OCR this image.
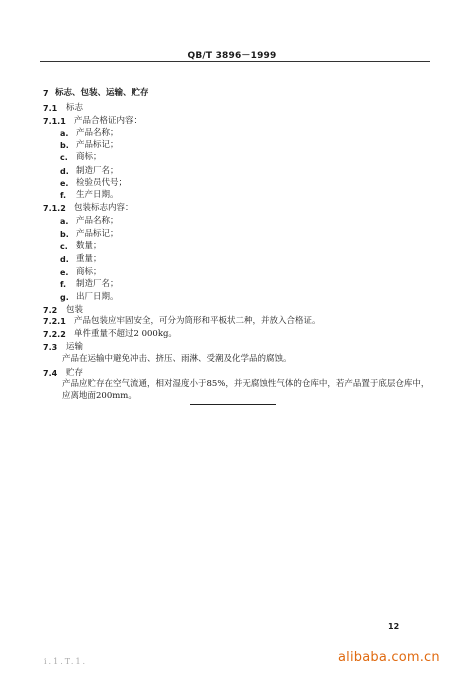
QB/T 3896－1999
7 标志、包装、运输、贮存
7.1 标志
7.1.1 产品合格证内容：
a. 产品名称；
b. 产品标记；
c. 商标；
d. 制造厂名；
e. 检验员代号；
f. 生产日期。
7.1.2 包装标志内容：
a. 产品名称；
b. 产品标记；
c. 数量；
d. 重量；
e. 商标；
f. 制造厂名；
g. 出厂日期。
7.2 包装
7.2.1 产品包装应牢固安全，可分为筒形和平板状二种，并放入合格证。
7.2.2 单件重量不超过2 000kg。
7.3 运输
产品在运输中避免冲击、挤压、雨淋、受潮及化学品的腐蚀。
7.4 贮存
产品应贮存在空气流通，相对湿度小于85%，并无腐蚀性气体的仓库中，若产品置于底层仓库中，
应离地面200mm。
12
i.1.T.1.	alibaba.com.cn
